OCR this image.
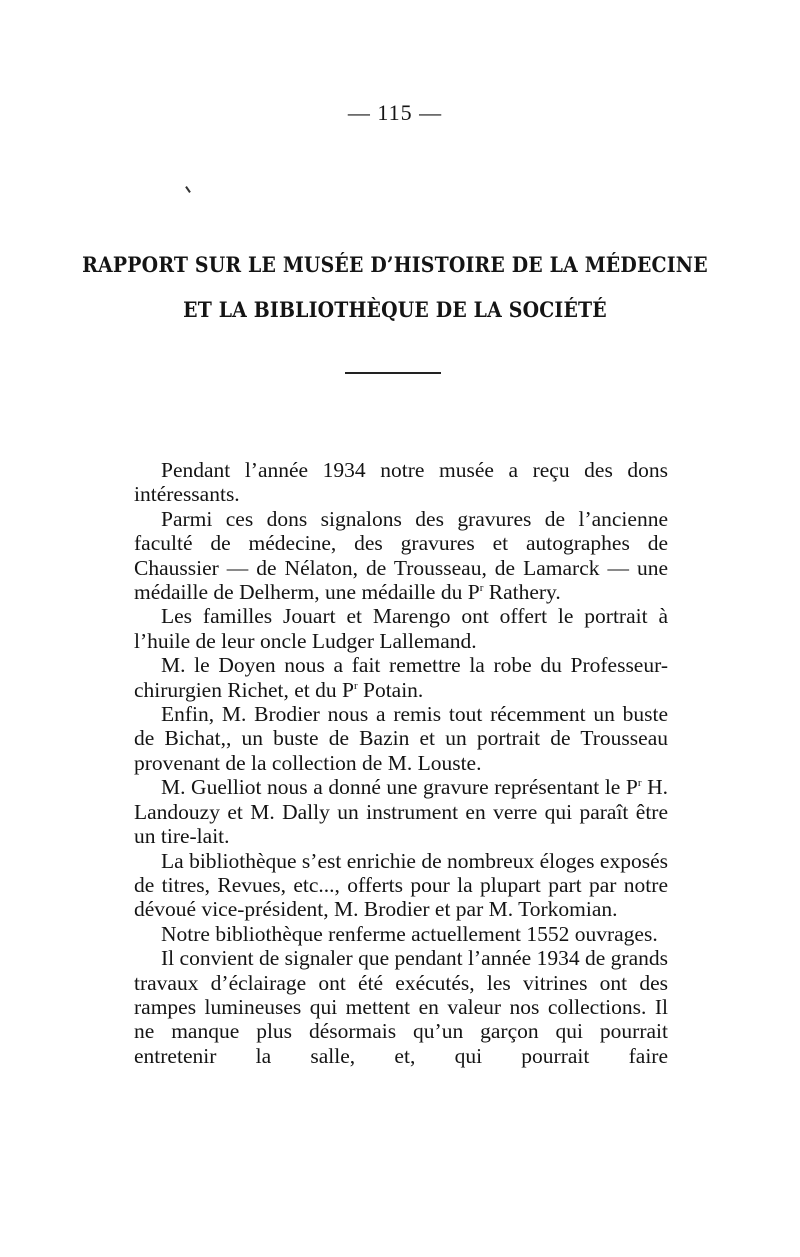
— 115 —
RAPPORT SUR LE MUSÉE D’HISTOIRE DE LA MÉDECINE
ET LA BIBLIOTHÈQUE DE LA SOCIÉTÉ

Pendant l’année 1934 notre musée a reçu des dons intéressants.

Parmi ces dons signalons des gravures de l’ancienne faculté de médecine, des gravures et autographes de Chaussier — de Nélaton, de Trousseau, de Lamarck — une médaille de Delherm, une médaille du $P^r$ Rathery.

Les familles Jouart et Marengo ont offert le portrait à l’huile de leur oncle Ludger Lallemand.

M. le Doyen nous a fait remettre la robe du Professeur-chirurgien Richet, et du $P^r$ Potain.

Enfin, M. Brodier nous a remis tout récemment un buste de Bichat,, un buste de Bazin et un portrait de Trousseau provenant de la collection de M. Louste.

M. Guelliot nous a donné une gravure représentant le $P^r$ H. Landouzy et M. Dally un instrument en verre qui paraît être un tire-lait.

La bibliothèque s’est enrichie de nombreux éloges exposés de titres, Revues, etc..., offerts pour la plupart part par notre dévoué vice-président, M. Brodier et par M. Torkomian.

Notre bibliothèque renferme actuellement 1552 ouvrages.

Il convient de signaler que pendant l’année 1934 de grands travaux d’éclairage ont été exécutés, les vitrines ont des rampes lumineuses qui mettent en valeur nos collections. Il ne manque plus désormais qu’un garçon qui pourrait entretenir la salle, et, qui pourrait faire
